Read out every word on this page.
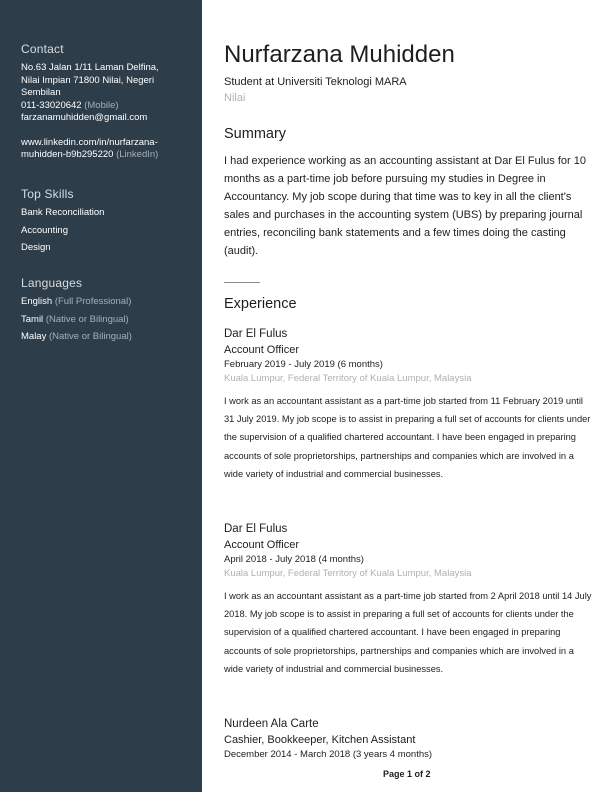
Contact
No.63 Jalan 1/11 Laman Delfina,
Nilai Impian 71800 Nilai, Negeri
Sembilan
011-33020642 (Mobile)
farzanamuhidden@gmail.com
www.linkedin.com/in/nurfarzana-
muhidden-b9b295220 (LinkedIn)
Top Skills
Bank Reconciliation
Accounting
Design
Languages
English (Full Professional)
Tamil (Native or Bilingual)
Malay (Native or Bilingual)
Nurfarzana Muhidden
Student at Universiti Teknologi MARA
Nilai
Summary
I had experience working as an accounting assistant at Dar El Fulus for 10 months as a part-time job before pursuing my studies in Degree in Accountancy. My job scope during that time was to key in all the client's sales and purchases in the accounting system (UBS) by preparing journal entries, reconciling bank statements and a few times doing the casting (audit).
Experience
Dar El Fulus
Account Officer
February 2019 - July 2019 (6 months)
Kuala Lumpur, Federal Territory of Kuala Lumpur, Malaysia
I work as an accountant assistant as a part-time job started from 11 February 2019 until 31 July 2019. My job scope is to assist in preparing a full set of accounts for clients under the supervision of a qualified chartered accountant. I have been engaged in preparing accounts of sole proprietorships, partnerships and companies which are involved in a wide variety of industrial and commercial businesses.
Dar El Fulus
Account Officer
April 2018 - July 2018 (4 months)
Kuala Lumpur, Federal Territory of Kuala Lumpur, Malaysia
I work as an accountant assistant as a part-time job started from 2 April 2018 until 14 July 2018. My job scope is to assist in preparing a full set of accounts for clients under the supervision of a qualified chartered accountant. I have been engaged in preparing accounts of sole proprietorships, partnerships and companies which are involved in a wide variety of industrial and commercial businesses.
Nurdeen Ala Carte
Cashier, Bookkeeper, Kitchen Assistant
December 2014 - March 2018 (3 years 4 months)
Page 1 of 2
